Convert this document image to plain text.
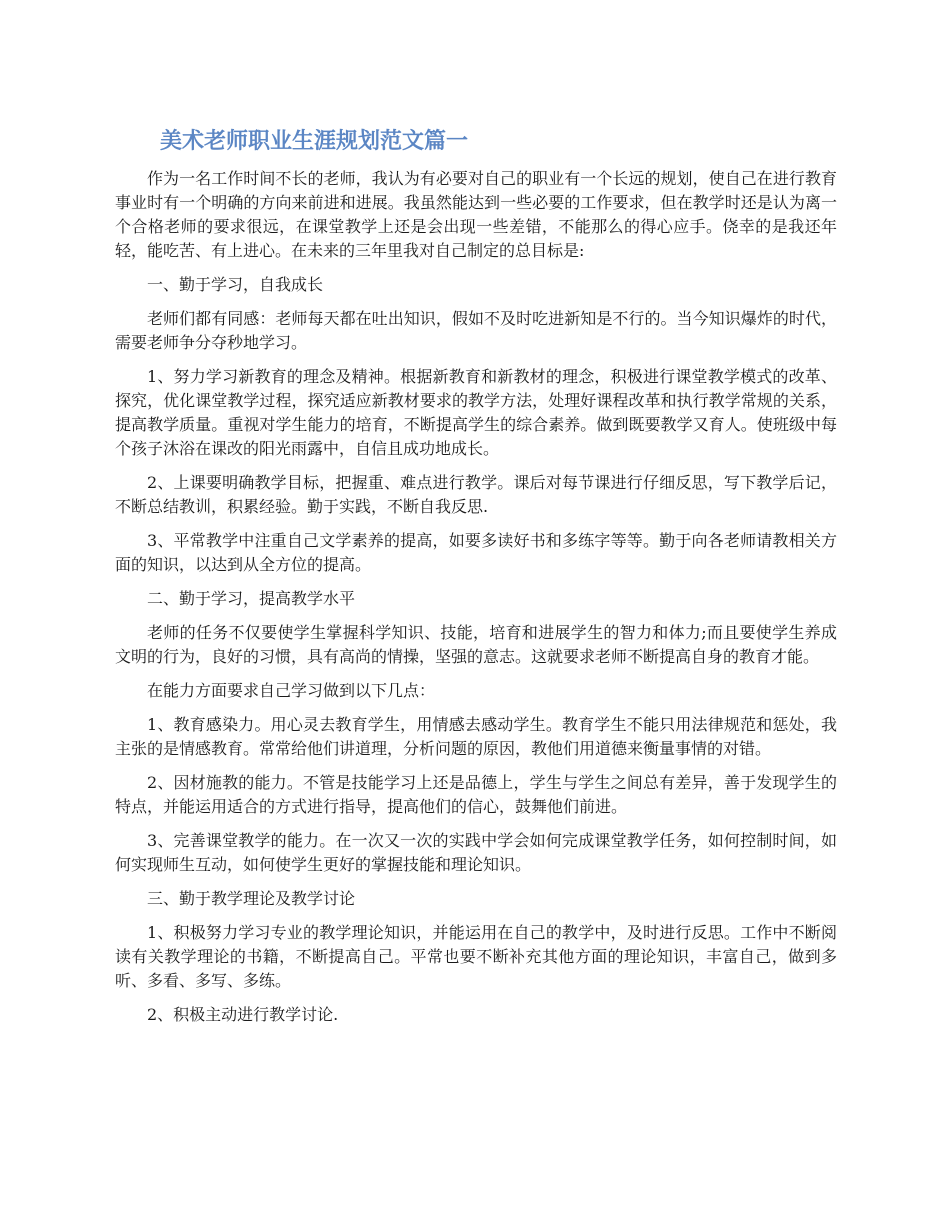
美术老师职业生涯规划范文篇一

作为一名工作时间不长的老师，我认为有必要对自己的职业有一个长远的规划，使自己在进行教育事业时有一个明确的方向来前进和进展。我虽然能达到一些必要的工作要求，但在教学时还是认为离一个合格老师的要求很远，在课堂教学上还是会出现一些差错，不能那么的得心应手。侥幸的是我还年轻，能吃苦、有上进心。在未来的三年里我对自己制定的总目标是:

一、勤于学习，自我成长

老师们都有同感：老师每天都在吐出知识，假如不及时吃进新知是不行的。当今知识爆炸的时代，需要老师争分夺秒地学习。

1、努力学习新教育的理念及精神。根据新教育和新教材的理念，积极进行课堂教学模式的改革、探究，优化课堂教学过程，探究适应新教材要求的教学方法，处理好课程改革和执行教学常规的关系，提高教学质量。重视对学生能力的培育，不断提高学生的综合素养。做到既要教学又育人。使班级中每个孩子沐浴在课改的阳光雨露中，自信且成功地成长。

2、上课要明确教学目标，把握重、难点进行教学。课后对每节课进行仔细反思，写下教学后记，不断总结教训，积累经验。勤于实践，不断自我反思.

3、平常教学中注重自己文学素养的提高，如要多读好书和多练字等等。勤于向各老师请教相关方面的知识，以达到从全方位的提高。

二、勤于学习，提高教学水平

老师的任务不仅要使学生掌握科学知识、技能，培育和进展学生的智力和体力;而且要使学生养成文明的行为，良好的习惯，具有高尚的情操，坚强的意志。这就要求老师不断提高自身的教育才能。

在能力方面要求自己学习做到以下几点：

1、教育感染力。用心灵去教育学生，用情感去感动学生。教育学生不能只用法律规范和惩处，我主张的是情感教育。常常给他们讲道理，分析问题的原因，教他们用道德来衡量事情的对错。

2、因材施教的能力。不管是技能学习上还是品德上，学生与学生之间总有差异，善于发现学生的特点，并能运用适合的方式进行指导，提高他们的信心，鼓舞他们前进。

3、完善课堂教学的能力。在一次又一次的实践中学会如何完成课堂教学任务，如何控制时间，如何实现师生互动，如何使学生更好的掌握技能和理论知识。

三、勤于教学理论及教学讨论

1、积极努力学习专业的教学理论知识，并能运用在自己的教学中，及时进行反思。工作中不断阅读有关教学理论的书籍，不断提高自己。平常也要不断补充其他方面的理论知识，丰富自己，做到多听、多看、多写、多练。

2、积极主动进行教学讨论.
